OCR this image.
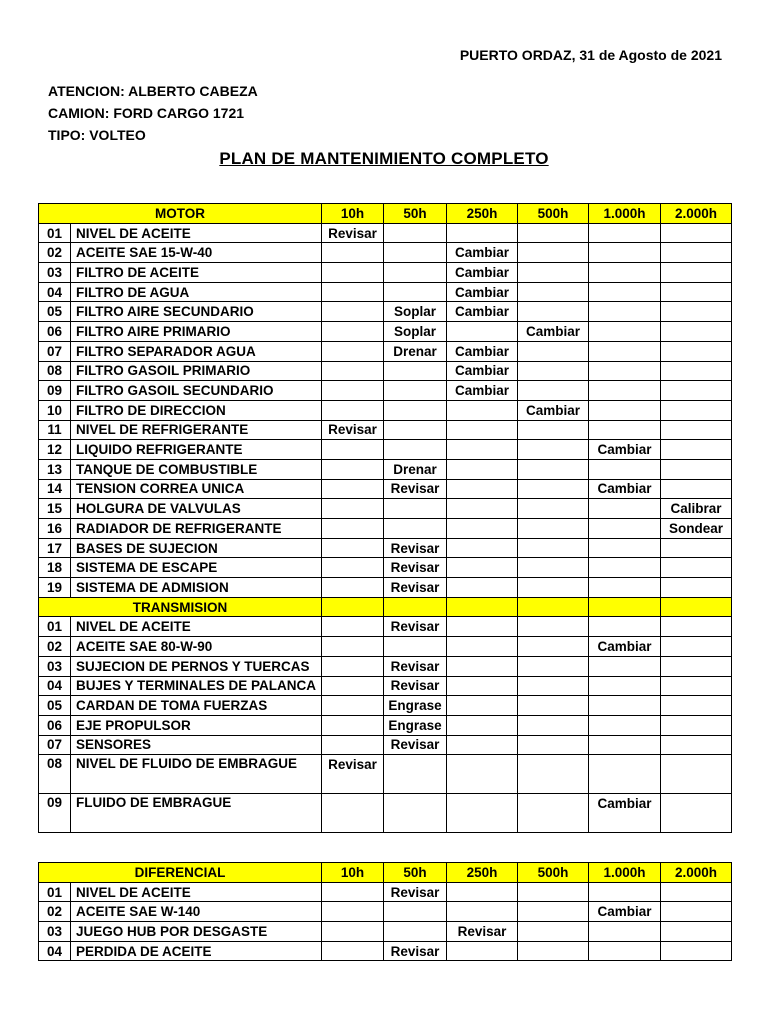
PUERTO ORDAZ, 31 de Agosto de 2021
ATENCION: ALBERTO CABEZA
CAMION: FORD CARGO 1721
TIPO: VOLTEO
PLAN DE MANTENIMIENTO COMPLETO
MOTOR		10h	50h	250h	500h	1.000h	2.000h
01	NIVEL DE ACEITE	Revisar					
02	ACEITE SAE 15-W-40			Cambiar			
03	FILTRO DE ACEITE			Cambiar			
04	FILTRO DE AGUA			Cambiar			
05	FILTRO AIRE SECUNDARIO		Soplar	Cambiar			
06	FILTRO AIRE PRIMARIO		Soplar		Cambiar		
07	FILTRO SEPARADOR AGUA		Drenar	Cambiar			
08	FILTRO GASOIL PRIMARIO			Cambiar			
09	FILTRO GASOIL SECUNDARIO			Cambiar			
10	FILTRO DE DIRECCION				Cambiar		
11	NIVEL DE REFRIGERANTE	Revisar					
12	LIQUIDO REFRIGERANTE					Cambiar	
13	TANQUE DE COMBUSTIBLE		Drenar				
14	TENSION CORREA UNICA		Revisar			Cambiar	
15	HOLGURA DE VALVULAS						Calibrar
16	RADIADOR DE REFRIGERANTE						Sondear
17	BASES DE SUJECION		Revisar				
18	SISTEMA DE ESCAPE		Revisar				
19	SISTEMA DE ADMISION		Revisar				
TRANSMISION							
01	NIVEL DE ACEITE		Revisar				
02	ACEITE SAE 80-W-90					Cambiar	
03	SUJECION DE PERNOS Y TUERCAS		Revisar				
04	BUJES Y TERMINALES DE PALANCA		Revisar				
05	CARDAN DE TOMA FUERZAS		Engrase				
06	EJE PROPULSOR		Engrase				
07	SENSORES		Revisar				
08	NIVEL DE FLUIDO DE EMBRAGUE	Revisar					
09	FLUIDO DE EMBRAGUE					Cambiar	
DIFERENCIAL		10h	50h	250h	500h	1.000h	2.000h
01	NIVEL DE ACEITE		Revisar				
02	ACEITE SAE W-140					Cambiar	
03	JUEGO HUB POR DESGASTE			Revisar			
04	PERDIDA DE ACEITE		Revisar				
